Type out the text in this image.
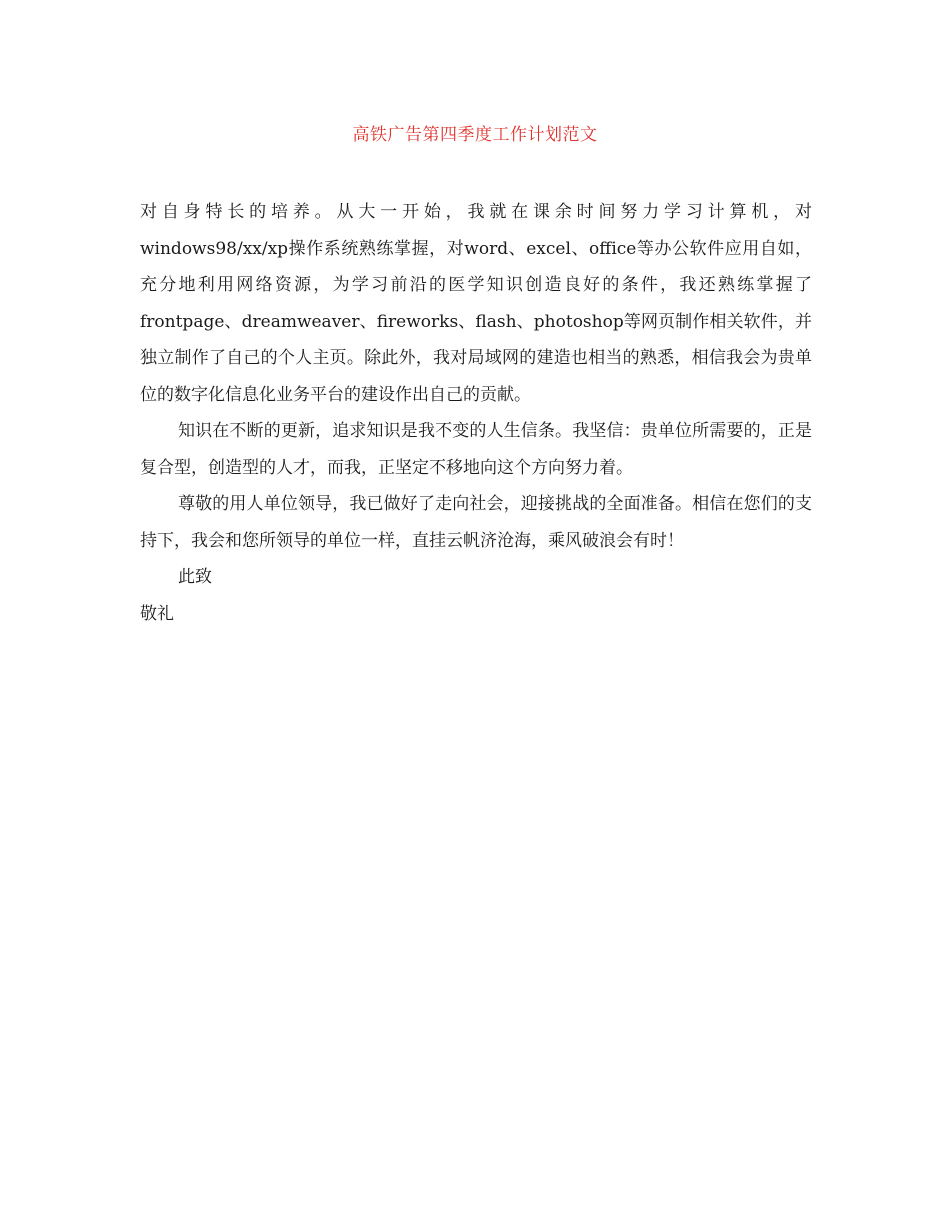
高铁广告第四季度工作计划范文

对自身特长的培养。从大一开始，我就在课余时间努力学习计算机，对windows98/xx/xp操作系统熟练掌握，对word、excel、office等办公软件应用自如，充分地利用网络资源，为学习前沿的医学知识创造良好的条件，我还熟练掌握了frontpage、dreamweaver、fireworks、flash、photoshop等网页制作相关软件，并独立制作了自己的个人主页。除此外，我对局域网的建造也相当的熟悉，相信我会为贵单位的数字化信息化业务平台的建设作出自己的贡献。

知识在不断的更新，追求知识是我不变的人生信条。我坚信：贵单位所需要的，正是复合型，创造型的人才，而我，正坚定不移地向这个方向努力着。

尊敬的用人单位领导，我已做好了走向社会，迎接挑战的全面准备。相信在您们的支持下，我会和您所领导的单位一样，直挂云帆济沧海，乘风破浪会有时！

此致

敬礼
